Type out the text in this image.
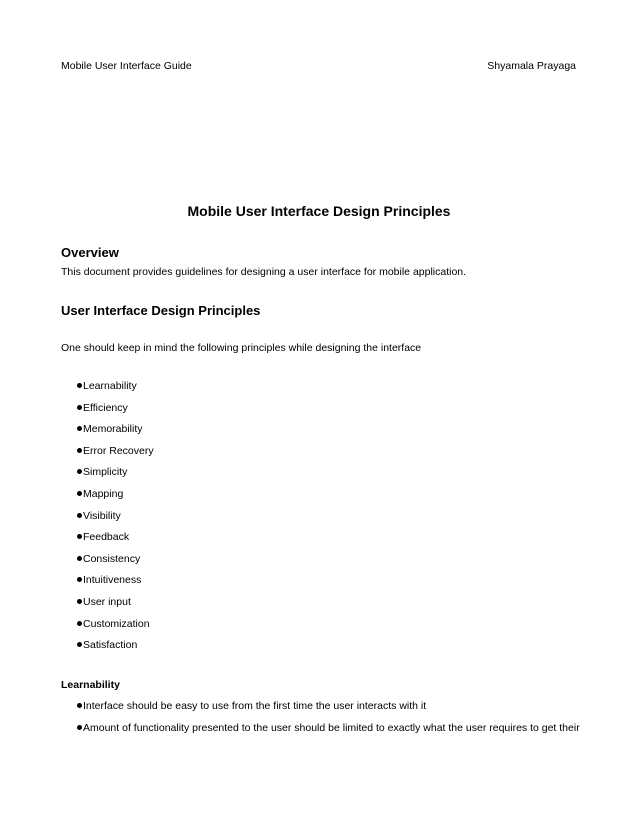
Mobile User Interface Guide	Shyamala Prayaga
Mobile User Interface Design Principles
Overview

This document provides guidelines for designing a user interface for mobile application.

User Interface Design Principles

One should keep in mind the following principles while designing the interface

Learnability
Efficiency
Memorability
Error Recovery
Simplicity
Mapping
Visibility
Feedback
Consistency
Intuitiveness
User input
Customization
Satisfaction
Learnability
Interface should be easy to use from the first time the user interacts with it
Amount of functionality presented to the user should be limited to exactly what the user requires to get their
